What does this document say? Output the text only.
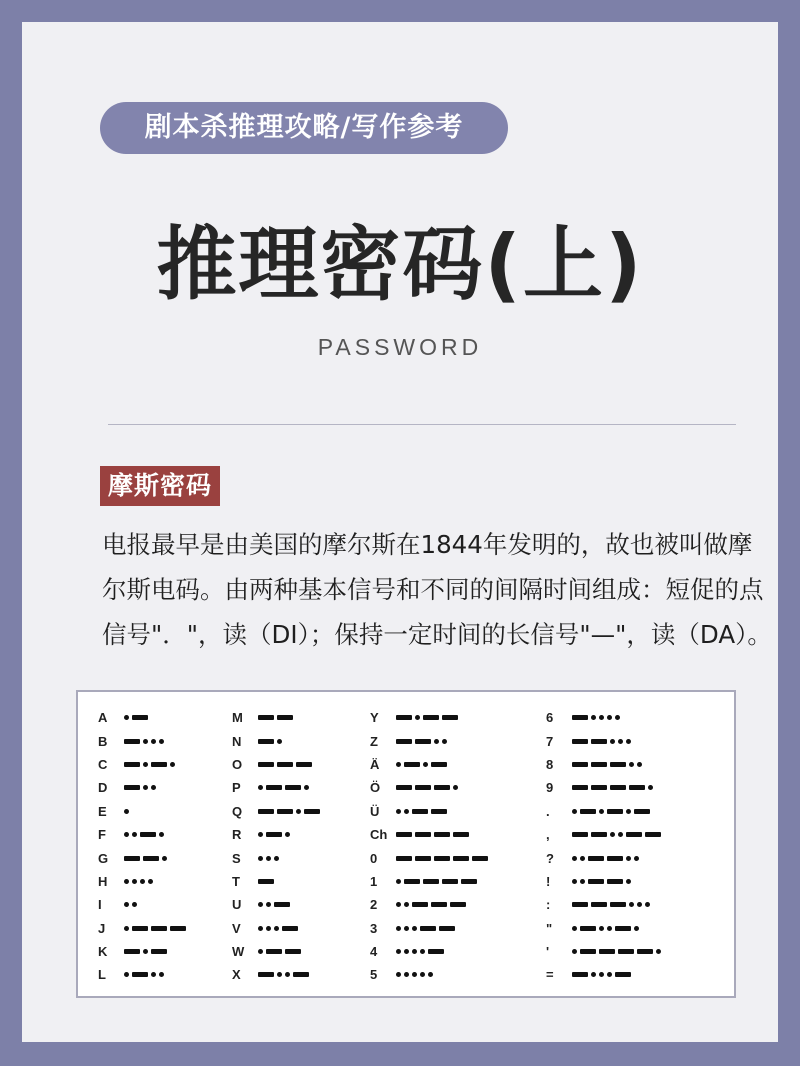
剧本杀推理攻略/写作参考
推理密码(上)
PASSWORD
摩斯密码
电报最早是由美国的摩尔斯在1844年发明的，故也被叫做摩尔斯电码。由两种基本信号和不同的间隔时间组成：短促的点信号"．"，读（DI）；保持一定时间的长信号"—"，读（DA）。
A
B
C
D
E
F
G
H
I
J
K
L
M
N
O
P
Q
R
S
T
U
V
W
X
Y
Z
Ä
Ö
Ü
Ch
0
1
2
3
4
5
6
7
8
9
.
,
?
!
:
"
'
=
